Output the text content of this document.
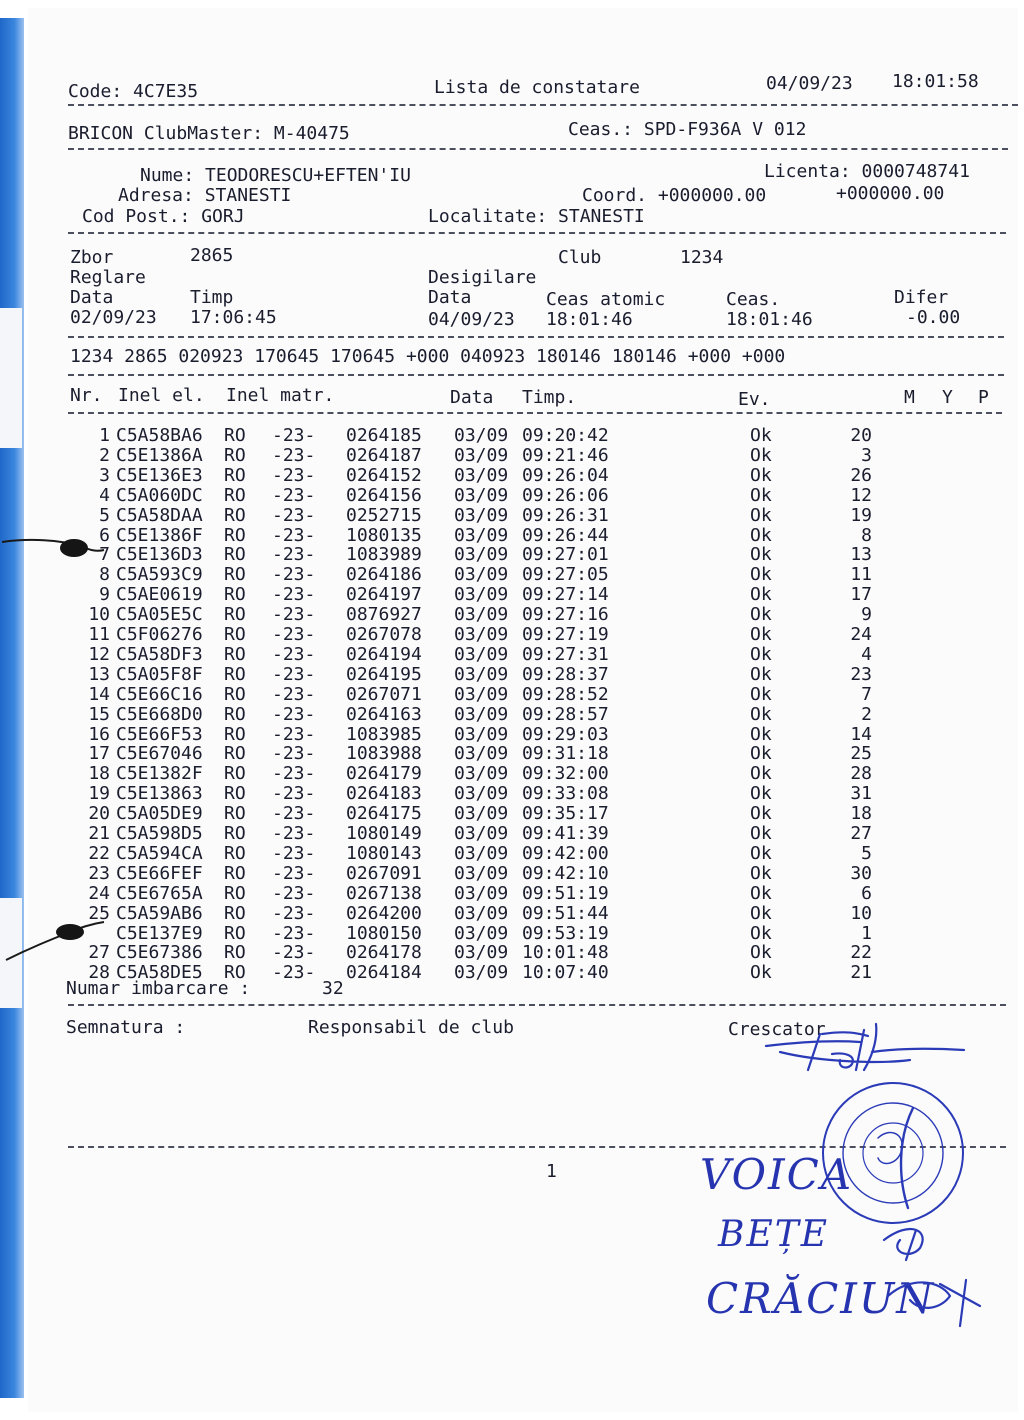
Code: 4C7E35	Lista de constatare	04/09/23 18:01:58
BRICON ClubMaster: M-40475	Ceas.: SPD-F936A V 012
Nume: TEODORESCU+EFTEN'IU	Licenta: 0000748741
Adresa: STANESTI	Coord. +000000.00	+000000.00
Cod Post.: GORJ	Localitate: STANESTI
Zbor	2865	Club	1234
Reglare	Desigilare
Data	Timp	Data	Ceas atomic	Ceas.	Difer
02/09/23 17:06:45	04/09/23 18:01:46	18:01:46	-0.00
1234 2865 020923 170645 170645 +000 040923 180146 180146 +000 +000
Nr. Inel el. Inel matr.	Data Timp.	Ev.	M Y P
1 C5A58BA6 RO -23- 0264185 03/09 09:20:42	Ok	20
2 C5E1386A RO -23- 0264187 03/09 09:21:46	Ok	3
3 C5E136E3 RO -23- 0264152 03/09 09:26:04	Ok	26
4 C5A060DC RO -23- 0264156 03/09 09:26:06	Ok	12
5 C5A58DAA RO -23- 0252715 03/09 09:26:31	Ok	19
6 C5E1386F RO -23- 1080135 03/09 09:26:44	Ok	8
7 C5E136D3 RO -23- 1083989 03/09 09:27:01	Ok	13
8 C5A593C9 RO -23- 0264186 03/09 09:27:05	Ok	11
9 C5AE0619 RO -23- 0264197 03/09 09:27:14	Ok	17
10 C5A05E5C RO -23- 0876927 03/09 09:27:16	Ok	9
11 C5F06276 RO -23- 0267078 03/09 09:27:19	Ok	24
12 C5A58DF3 RO -23- 0264194 03/09 09:27:31	Ok	4
13 C5A05F8F RO -23- 0264195 03/09 09:28:37	Ok	23
14 C5E66C16 RO -23- 0267071 03/09 09:28:52	Ok	7
15 C5E668D0 RO -23- 0264163 03/09 09:28:57	Ok	2
16 C5E66F53 RO -23- 1083985 03/09 09:29:03	Ok	14
17 C5E67046 RO -23- 1083988 03/09 09:31:18	Ok	25
18 C5E1382F RO -23- 0264179 03/09 09:32:00	Ok	28
19 C5E13863 RO -23- 0264183 03/09 09:33:08	Ok	31
20 C5A05DE9 RO -23- 0264175 03/09 09:35:17	Ok	18
21 C5A598D5 RO -23- 1080149 03/09 09:41:39	Ok	27
22 C5A594CA RO -23- 1080143 03/09 09:42:00	Ok	5
23 C5E66FEF RO -23- 0267091 03/09 09:42:10	Ok	30
24 C5E6765A RO -23- 0267138 03/09 09:51:19	Ok	6
25 C5A59AB6 RO -23- 0264200 03/09 09:51:44	Ok	10
C5E137E9 RO -23- 1080150 03/09 09:53:19	Ok	1
27 C5E67386 RO -23- 0264178 03/09 10:01:48	Ok	22
28 C5A58DE5 RO -23- 0264184 03/09 10:07:40	Ok	21
Numar imbarcare :	32
Semnatura :	Responsabil de club	Crescator
1	VOICA
BEȚE
CRĂCIUN
